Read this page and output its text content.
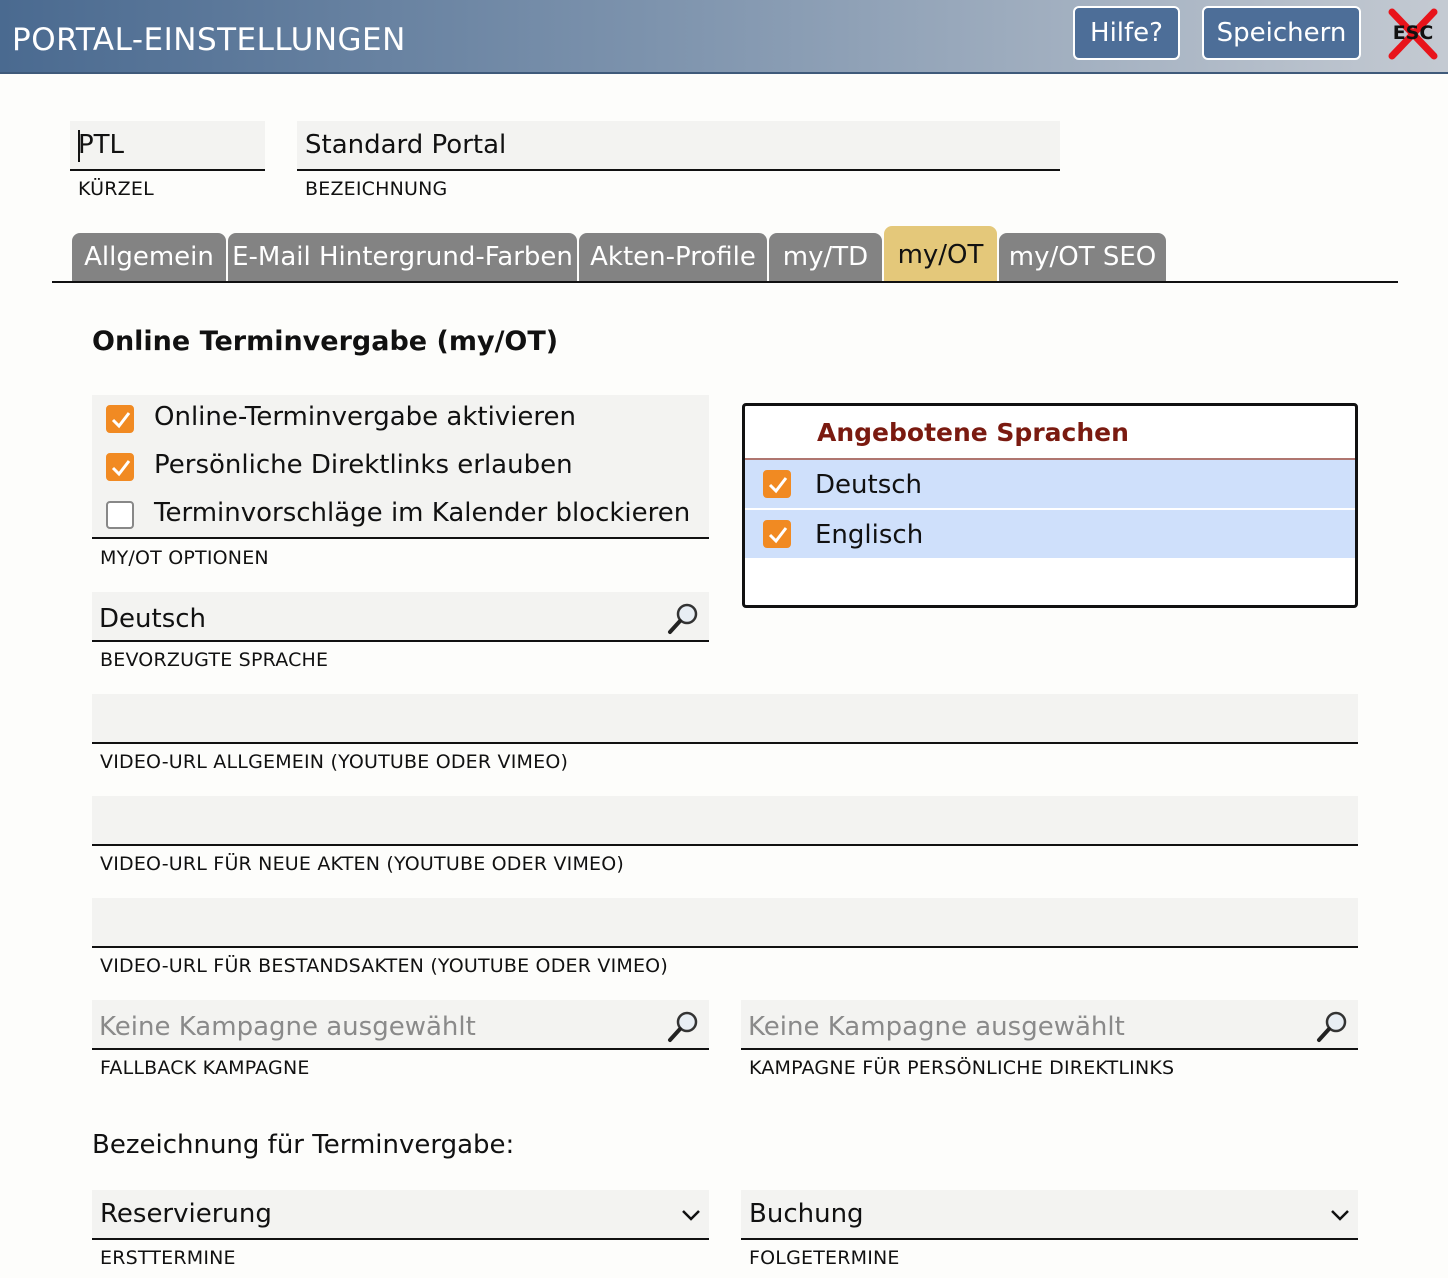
PORTAL-EINSTELLUNGEN	Hilfe?	Speichern	ESC
PTL
KÜRZEL
Standard Portal
BEZEICHNUNG
Allgemein E-Mail Hintergrund-Farben Akten-Profile	my/TD	my/OT my/OT SEO
Online Terminvergabe (my/OT)
Online-Terminvergabe aktivieren
Persönliche Direktlinks erlauben
Terminvorschläge im Kalender blockieren
MY/OT OPTIONEN
Angebotene Sprachen
Deutsch
Englisch
Deutsch
BEVORZUGTE SPRACHE
VIDEO-URL ALLGEMEIN (YOUTUBE ODER VIMEO)
VIDEO-URL FÜR NEUE AKTEN (YOUTUBE ODER VIMEO)
VIDEO-URL FÜR BESTANDSAKTEN (YOUTUBE ODER VIMEO)
Keine Kampagne ausgewählt
FALLBACK KAMPAGNE
Keine Kampagne ausgewählt
KAMPAGNE FÜR PERSÖNLICHE DIREKTLINKS
Bezeichnung für Terminvergabe:
Reservierung
ERSTTERMINE
Buchung
FOLGETERMINE
